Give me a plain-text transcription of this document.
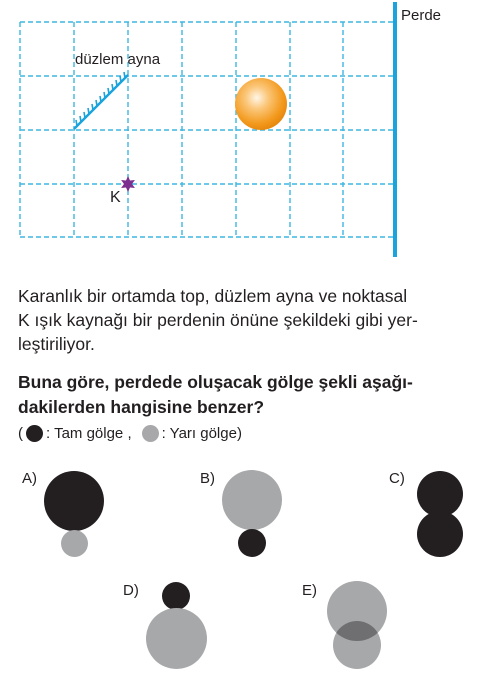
Perde
düzlem ayna
K
Karanlık bir ortamda top, düzlem ayna ve noktasal
K ışık kaynağı bir perdenin önüne şekildeki gibi yer-
leştiriliyor.
Buna göre, perdede oluşacak gölge şekli aşağı-
dakilerden hangisine benzer?
( : Tam gölge , : Yarı gölge)
A)	B)	C)
D)	E)
